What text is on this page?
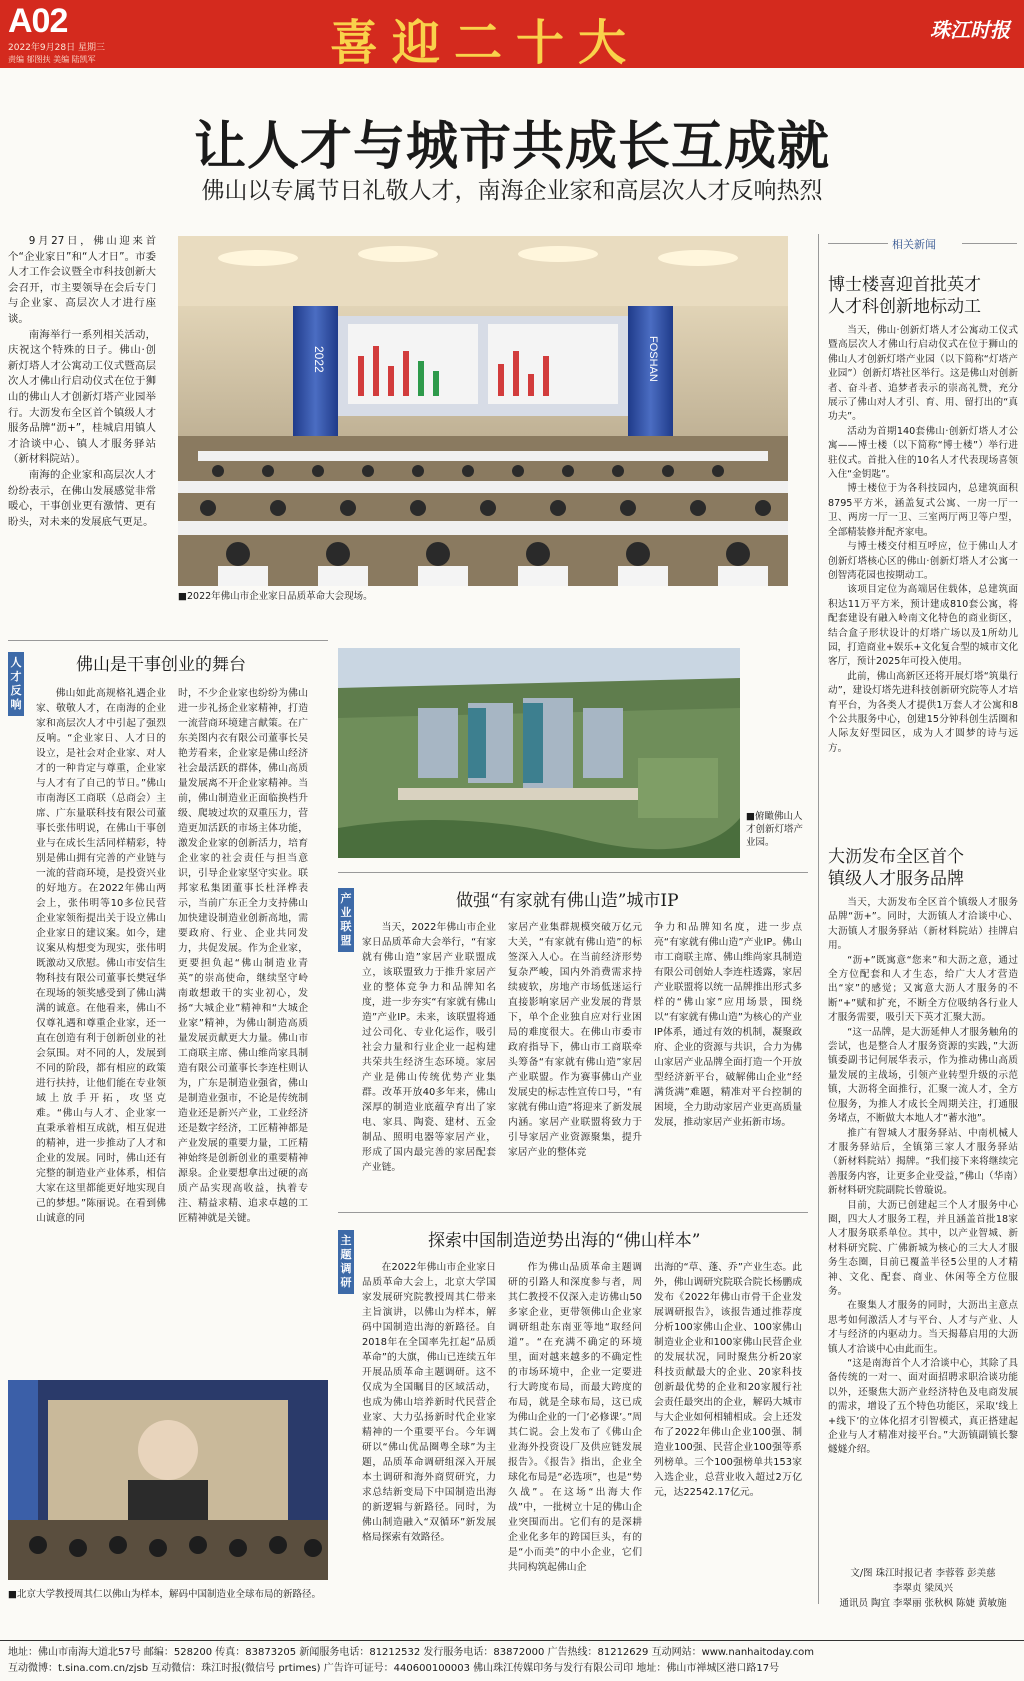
A02
2022年9月28日 星期三
责编 郁图扶 美编 陆凯军	喜迎二十大	珠江时报
让人才与城市共成长互成就
佛山以专属节日礼敬人才，南海企业家和高层次人才反响热烈

9月27日，佛山迎来首个“企业家日”和“人才日”。市委人才工作会议暨全市科技创新大会召开，市主要领导在会后专门与企业家、高层次人才进行座谈。

南海举行一系列相关活动，庆祝这个特殊的日子。佛山·创新灯塔人才公寓动工仪式暨高层次人才佛山行启动仪式在位于狮山的佛山人才创新灯塔产业园举行。大沥发布全区首个镇级人才服务品牌“沥+”，桂城启用镇人才洽谈中心、镇人才服务驿站（新材料院站）。

南海的企业家和高层次人才纷纷表示，在佛山发展感觉非常暖心，干事创业更有激情、更有盼头，对未来的发展底气更足。

2022	FOSHAN
■2022年佛山市企业家日品质革命大会现场。
相关新闻
博士楼喜迎首批英才
人才科创新地标动工

当天，佛山·创新灯塔人才公寓动工仪式暨高层次人才佛山行启动仪式在位于狮山的佛山人才创新灯塔产业园（以下简称“灯塔产业园”）创新灯塔社区举行。这是佛山对创新者、奋斗者、追梦者表示的崇高礼赞，充分展示了佛山对人才引、育、用、留打出的“真功夫”。

活动为首期140套佛山·创新灯塔人才公寓——博士楼（以下简称“博士楼”）举行进驻仪式。首批入住的10名人才代表现场喜领入住“金钥匙”。

博士楼位于为各科技园内，总建筑面积8795平方米，涵盖复式公寓、一房一厅一卫、两房一厅一卫、三室两厅两卫等户型，全部精装修并配齐家电。

与博士楼交付相互呼应，位于佛山人才创新灯塔核心区的佛山·创新灯塔人才公寓一创智湾花园也按期动工。

该项目定位为高端居住载体，总建筑面积达11万平方米，预计建成810套公寓，将配套建设有融入岭南文化特色的商业街区，结合盒子形状设计的灯塔广场以及1所幼儿园，打造商业+娱乐+文化复合型的城市文化客厅，预计2025年可投入使用。

此前，佛山高新区还将开展灯塔“筑巢行动”，建设灯塔先进科技创新研究院等人才培育平台，为各类人才提供1万套人才公寓和8个公共服务中心，创建15分钟科创生活圈和人际友好型园区，成为人才圆梦的诗与远方。

大沥发布全区首个
镇级人才服务品牌

当天，大沥发布全区首个镇级人才服务品牌“沥+”。同时，大沥镇人才洽谈中心、大沥镇人才服务驿站（新材料院站）挂牌启用。

“沥+”既寓意“您来”和大沥之意，通过全方位配套和人才生态，给广大人才营造出“家”的感觉；又寓意大沥人才服务的不断“+”赋和扩充，不断全方位吸纳各行业人才服务需要，吸引天下英才汇聚大沥。

“这一品牌，是大沥延伸人才服务触角的尝试，也是整合人才服务资源的实践，”大沥镇委副书记何展华表示，作为推动佛山高质量发展的主战场，引领产业转型升级的示范镇，大沥将全面推行，汇聚一流人才，全方位服务，为推人才成长全周期关注，打通服务堵点，不断做大本地人才“蓄水池”。

推广有智城人才服务驿站、中南机械人才服务驿站后，全镇第三家人才服务驿站（新材料院站）揭牌。“我们接下来将继续完善服务内容，让更多企业受益，”佛山（华南）新材料研究院副院长曾璇说。

目前，大沥已创建起三个人才服务中心圈，四大人才服务工程，并且涵盖首批18家人才服务联系单位。其中，以产业智城、新材料研究院、广佛新城为核心的三大人才服务生态圈，目前已覆盖半径5公里的人才精神、文化、配套、商业、休闲等全方位服务。

在聚集人才服务的同时，大沥出主意点思考如何激活人才与平台、人才与产业、人才与经济的内驱动力。当天揭幕启用的大沥镇人才洽谈中心由此而生。

“这是南海首个人才洽谈中心，其除了具备传统的一对一、面对面招聘求职洽谈功能以外，还聚焦大沥产业经济特色及电商发展的需求，增设了五个特色功能区，采取‘线上+线下’的立体化招才引智模式，真正搭建起企业与人才精准对接平台。”大沥镇副镇长黎燧燧介绍。

文/图 珠江时报记者 李蓉蓉 彭美慈
李翠贞 梁凤兴
通讯员 陶宜 李翠丽 张秋枫 陈婕 黄敏施
人才反响
佛山是干事创业的舞台

佛山如此高规格礼遇企业家、敬敬人才，在南海的企业家和高层次人才中引起了强烈反响。“企业家日、人才日的设立，是社会对企业家、对人才的一种肯定与尊重，企业家与人才有了自己的节日。”佛山市南海区工商联（总商会）主席、广东量联科技有限公司董事长张伟明说，在佛山干事创业与在成长生活同样精彩，特别是佛山拥有完善的产业链与一流的营商环境，是投资兴业的好地方。在2022年佛山两会上，张伟明等10多位民营企业家领衔提出关于设立佛山企业家日的建议案。如今，建议案从构想变为现实，张伟明既激动又欣慰。佛山市安信生物科技有限公司董事长樊冠华在现场的领奖感受到了佛山满满的诚意。在他看来，佛山不仅尊礼遇和尊重企业家，还一直在创造有利于创新创业的社会氛围。对不同的人，发展到不同的阶段，都有相应的政策进行扶持，让他们能在专业领域上放手开拓，攻坚克难。“佛山与人才、企业家一直秉承着相互成就，相互促进的精神，进一步推动了人才和企业的发展。同时，佛山还有完整的制造业产业体系，相信大家在这里都能更好地实现自己的梦想。”陈丽说。在看到佛山诚意的同

时，不少企业家也纷纷为佛山进一步礼扬企业家精神，打造一流营商环境建言献策。在广东美图内衣有限公司董事长吴艳芳看来，企业家是佛山经济社会最活跃的群体，佛山高质量发展离不开企业家精神。当前，佛山制造业正面临换档升级、爬坡过坎的双重压力，营造更加活跃的市场主体功能，激发企业家的创新活力，培育企业家的社会责任与担当意识，引导企业家坚守实业。联邦家私集团董事长杜泽桦表示，当前广东正全力支持佛山加快建设制造业创新高地，需要政府、行业、企业共同发力，共促发展。作为企业家，更要担负起“佛山制造业青英”的崇高使命，继续坚守岭南敢想敢干的实业初心，发扬“大城企业”精神和“大城企业家”精神，为佛山制造高质量发展贡献更大力量。佛山市工商联主席、佛山维尚家具制造有限公司董事长李连柱则认为，广东是制造业强省，佛山是制造业强市，不论是传统制造业还是新兴产业，工业经济还是数字经济，工匠精神都是产业发展的重要力量，工匠精神始终是创新创业的重要精神源泉。企业要想拿出过硬的高质产品实现高收益，执着专注、精益求精、追求卓越的工匠精神就是关键。

■俯瞰佛山人才创新灯塔产业园。
产业联盟
做强“有家就有佛山造”城市IP

当天，2022年佛山市企业家日品质革命大会举行，“有家就有佛山造”家居产业联盟成立，该联盟致力于推升家居产业的整体竞争力和品牌知名度，进一步夯实“有家就有佛山造”产业IP。未来，该联盟将通过公司化、专业化运作，吸引社会力量和行业企业一起构建共荣共生经济生态环境。家居产业是佛山传统优势产业集群。改革开放40多年来，佛山深厚的制造业底蕴孕育出了家电、家具、陶瓷、建材、五金制品、照明电器等家居产业，形成了国内最完善的家居配套产业链。

家居产业集群规模突破万亿元大关，“有家就有佛山造”的标签深入人心。在当前经济形势复杂严峻，国内外消费需求持续疲软，房地产市场低迷运行直接影响家居产业发展的背景下，单个企业独自应对行业困局的难度很大。在佛山市委市政府指导下，佛山市工商联牵头筹备“有家就有佛山造”家居产业联盟。作为赛事佛山产业发展史的标志性宣传口号，“有家就有佛山造”将迎来了新发展内涵。家居产业联盟将致力于引导家居产业资源聚集，提升家居产业的整体竞

争力和品牌知名度，进一步点亮“有家就有佛山造”产业IP。佛山市工商联主席、佛山维尚家具制造有限公司创始人李连柱透露，家居产业联盟将以统一品牌推出形式多样的“佛山家”应用场景，围绕以“有家就有佛山造”为核心的产业IP体系，通过有效的机制，凝聚政府、企业的资源与共识，合力为佛山家居产业品牌全面打造一个开放型经济新平台，破解佛山企业“经满货满”难题，精准对平台控制的困境，全力助动家居产业更高质量发展，推动家居产业拓新市场。

主题调研
探索中国制造逆势出海的“佛山样本”

在2022年佛山市企业家日品质革命大会上，北京大学国家发展研究院教授周其仁带来主旨演讲，以佛山为样本，解码中国制造出海的新路径。自2018年在全国率先扛起“品质革命”的大旗，佛山已连续五年开展品质革命主题调研。这不仅成为全国瞩目的区域活动，也成为佛山培养新时代民营企业家、大力弘扬新时代企业家精神的一个重要平台。今年调研以“佛山优品圈粤全球”为主题，品质革命调研组深入开展本土调研和海外商贸研究，力求总结新变局下中国制造出海的新逻辑与新路径。同时，为佛山制造融入“双循环”新发展格局探索有效路径。

作为佛山品质革命主题调研的引路人和深度参与者，周其仁教授不仅深入走访佛山50多家企业，更带领佛山企业家调研组赴东南亚等地“取经问道”。“在充满不确定的环境里，面对越来越多的不确定性的市场环境中，企业一定要进行大跨度布局，而最大跨度的布局，就是全球布局，这已成为佛山企业的一门‘必修课’。”周其仁说。会上发布了《佛山企业海外投资设厂及供应链发展报告》。《报告》指出，企业全球化布局是“必选项”，也是“势久战”。在这场“出海大作战”中，一批树立十足的佛山企业突围而出。它们有的是深耕企业化多年的跨国巨头，有的是“小而美”的中小企业，它们共同构筑起佛山企

出海的“草、蓬、乔”产业生态。此外，佛山调研究院联合院长杨鹏成发布《2022年佛山市骨干企业发展调研报告》，该报告通过推荐度分析100家佛山企业、100家佛山制造业企业和100家佛山民营企业的发展状况，同时聚焦分析20家科技贡献最大的企业、20家科技创新最优势的企业和20家履行社会责任最突出的企业，解码大城市与大企业如何相辅相成。会上还发布了2022年佛山企业100强、制造业100强、民营企业100强等系列榜单。三个100强榜单共153家入选企业，总营业收入超过2万亿元，达22542.17亿元。

■北京大学教授周其仁以佛山为样本，解码中国制造业全球布局的新路径。
地址：佛山市南海大道北57号 邮编：528200 传真：83873205 新闻服务电话：81212532 发行服务电话：83872000 广告热线：81212629 互动网站：www.nanhaitoday.com
互动微博：t.sina.com.cn/zjsb 互动微信：珠江时报(微信号 prtimes) 广告许可证号：440600100003 佛山珠江传媒印务与发行有限公司印 地址：佛山市禅城区港口路17号
